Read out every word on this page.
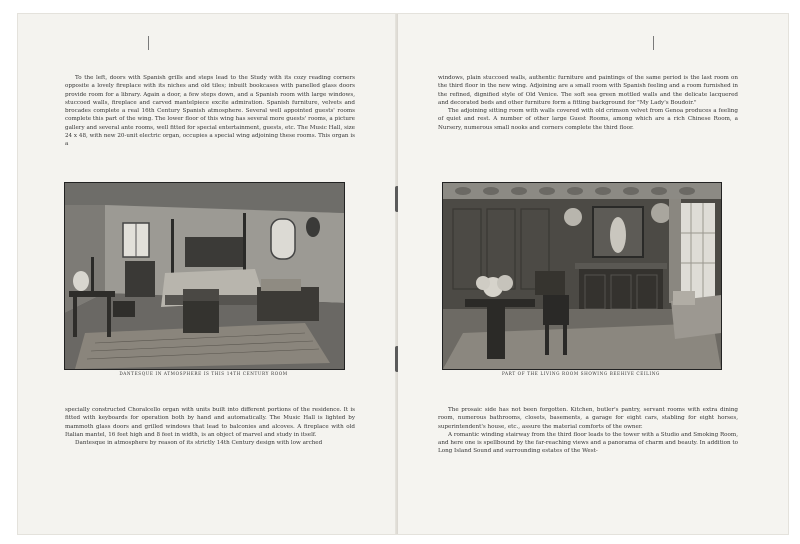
To the left, doors with Spanish grills and steps lead to the Study with its cozy reading corners opposite a lovely fireplace with its niches and old tiles; inbuilt bookcases with panelled glass doors provide room for a library. Again a door, a few steps down, and a Spanish room with large windows, stuccoed walls, fireplace and carved mantelpiece excite admiration. Spanish furniture, velvets and brocades complete a real 16th Century Spanish atmosphere. Several well appointed guests' rooms complete this part of the wing. The lower floor of this wing has several more guests' rooms, a picture gallery and several ante rooms, well fitted for special entertainment, guests, etc. The Music Hall, size 24 x 48, with new 20-unit electric organ, occupies a special wing adjoining these rooms. This organ is a

DANTESQUE IN ATMOSPHERE IS THIS 14TH CENTURY ROOM

specially constructed Choralcello organ with units built into different portions of the residence. It is fitted with keyboards for operation both by hand and automatically. The Music Hall is lighted by mammoth glass doors and grilled windows that lead to balconies and alcoves. A fireplace with old Italian mantel, 16 feet high and 8 feet in width, is an object of marvel and study in itself.

Dantesque in atmosphere by reason of its strictly 14th Century design with low arched

windows, plain stuccoed walls, authentic furniture and paintings of the same period is the last room on the third floor in the new wing. Adjoining are a small room with Spanish feeling and a room furnished in the refined, dignified style of Old Venice. The soft sea green mottled walls and the delicate lacquered and decorated beds and other furniture form a fitting background for "My Lady's Boudoir."

The adjoining sitting room with walls covered with old crimson velvet from Genoa produces a feeling of quiet and rest. A number of other large Guest Rooms, among which are a rich Chinese Room, a Nursery, numerous small nooks and corners complete the third floor.

PART OF THE LIVING ROOM SHOWING BEEHIVE CEILING

The prosaic side has not been forgotten. Kitchen, butler's pantry, servant rooms with extra dining room, numerous bathrooms, closets, basements, a garage for eight cars, stabling for eight horses, superintendent's house, etc., assure the material comforts of the owner.

A romantic winding stairway from the third floor leads to the tower with a Studio and Smoking Room, and here one is spellbound by the far-reaching views and a panorama of charm and beauty. In addition to Long Island Sound and surrounding estates of the West-
